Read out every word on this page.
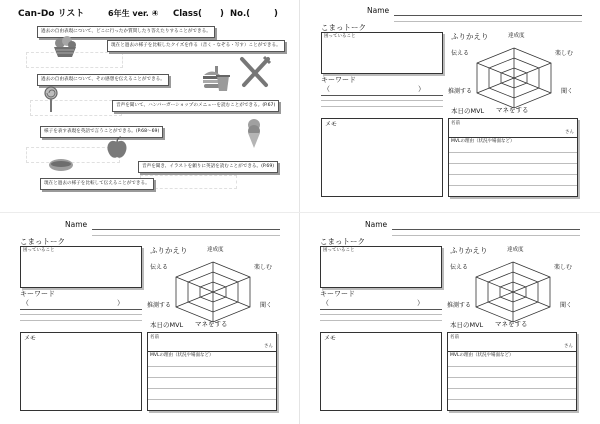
Can-Do リスト	6年生 ver. ④ Class( ) No.(	)
過去の自由表現について、どこに行ったか質問したり答えたりすることができる。
現在と過去の様子を比較したクイズを作る（音く・なぞる・写す）ことができる。
過去の自由表現について、その感想を伝えることができる。
音声を聞いて、ハンバーガーショップのメニューを読むことができる。(P.67)
様子を表す表現を英語で言うことができる。(P.68～69)
音声を聞き、イラストを頼りに英語を読むことができる。(P.69)
現在と過去の様子を比較して伝えることができる。
Name
こまっトーク
困っていること
キーワード
（	）
ふりかえり	達成度
楽しむ
聞く
マネをする
推測する
伝える
本日のMVL
メモ	名前
さん
MVLの理由（状況や場面など）
Name
こまっトーク
困っていること
キーワード
（	）
ふりかえり	達成度
楽しむ
聞く
マネをする
推測する
伝える
本日のMVL
メモ	名前
さん
MVLの理由（状況や場面など）
Name
こまっトーク
困っていること
キーワード
（	）
ふりかえり	達成度
楽しむ
聞く
マネをする
推測する
伝える
本日のMVL
メモ	名前
さん
MVLの理由（状況や場面など）
